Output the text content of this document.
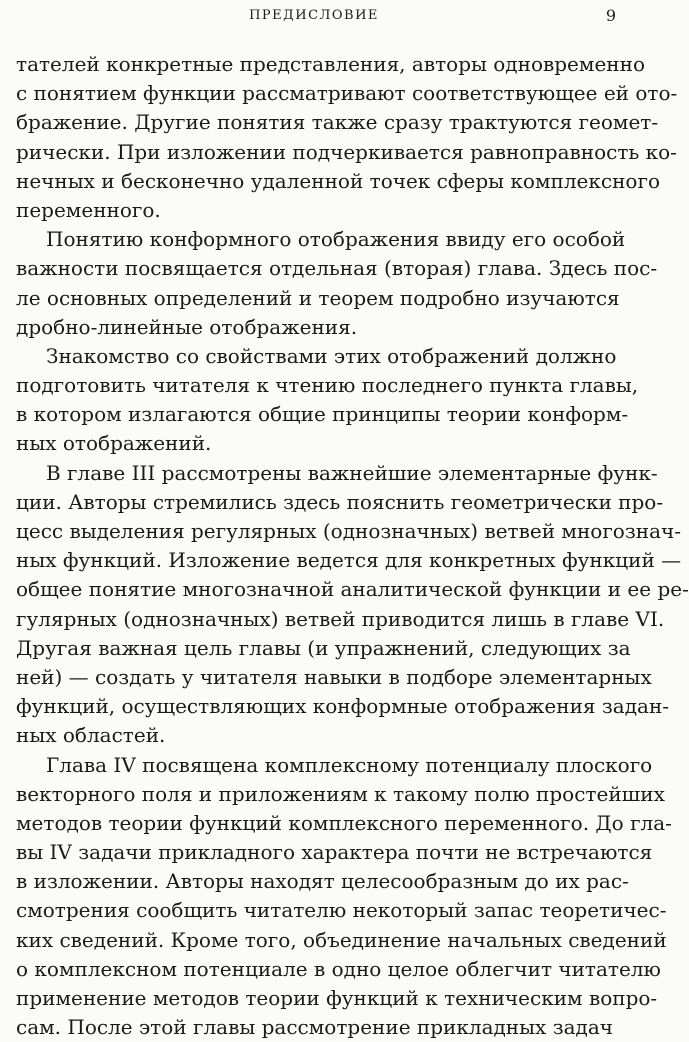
ПРЕДИСЛОВИЕ	9
тателей конкретные представления, авторы одновременно
с понятием функции рассматривают соответствующее ей ото-
бражение. Другие понятия также сразу трактуются геомет-
рически. При изложении подчеркивается равноправность ко-
нечных и бесконечно удаленной точек сферы комплексного
переменного.
Понятию конформного отображения ввиду его особой
важности посвящается отдельная (вторая) глава. Здесь пос-
ле основных определений и теорем подробно изучаются
дробно-линейные отображения.
Знакомство со свойствами этих отображений должно
подготовить читателя к чтению последнего пункта главы,
в котором излагаются общие принципы теории конформ-
ных отображений.
В главе III рассмотрены важнейшие элементарные функ-
ции. Авторы стремились здесь пояснить геометрически про-
цесс выделения регулярных (однозначных) ветвей многознач-
ных функций. Изложение ведется для конкретных функций —
общее понятие многозначной аналитической функции и ее ре-
гулярных (однозначных) ветвей приводится лишь в главе VI.
Другая важная цель главы (и упражнений, следующих за
ней) — создать у читателя навыки в подборе элементарных
функций, осуществляющих конформные отображения задан-
ных областей.
Глава IV посвящена комплексному потенциалу плоского
векторного поля и приложениям к такому полю простейших
методов теории функций комплексного переменного. До гла-
вы IV задачи прикладного характера почти не встречаются
в изложении. Авторы находят целесообразным до их рас-
смотрения сообщить читателю некоторый запас теоретичес-
ких сведений. Кроме того, объединение начальных сведений
о комплексном потенциале в одно целое облегчит читателю
применение методов теории функций к техническим вопро-
сам. После этой главы рассмотрение прикладных задач
